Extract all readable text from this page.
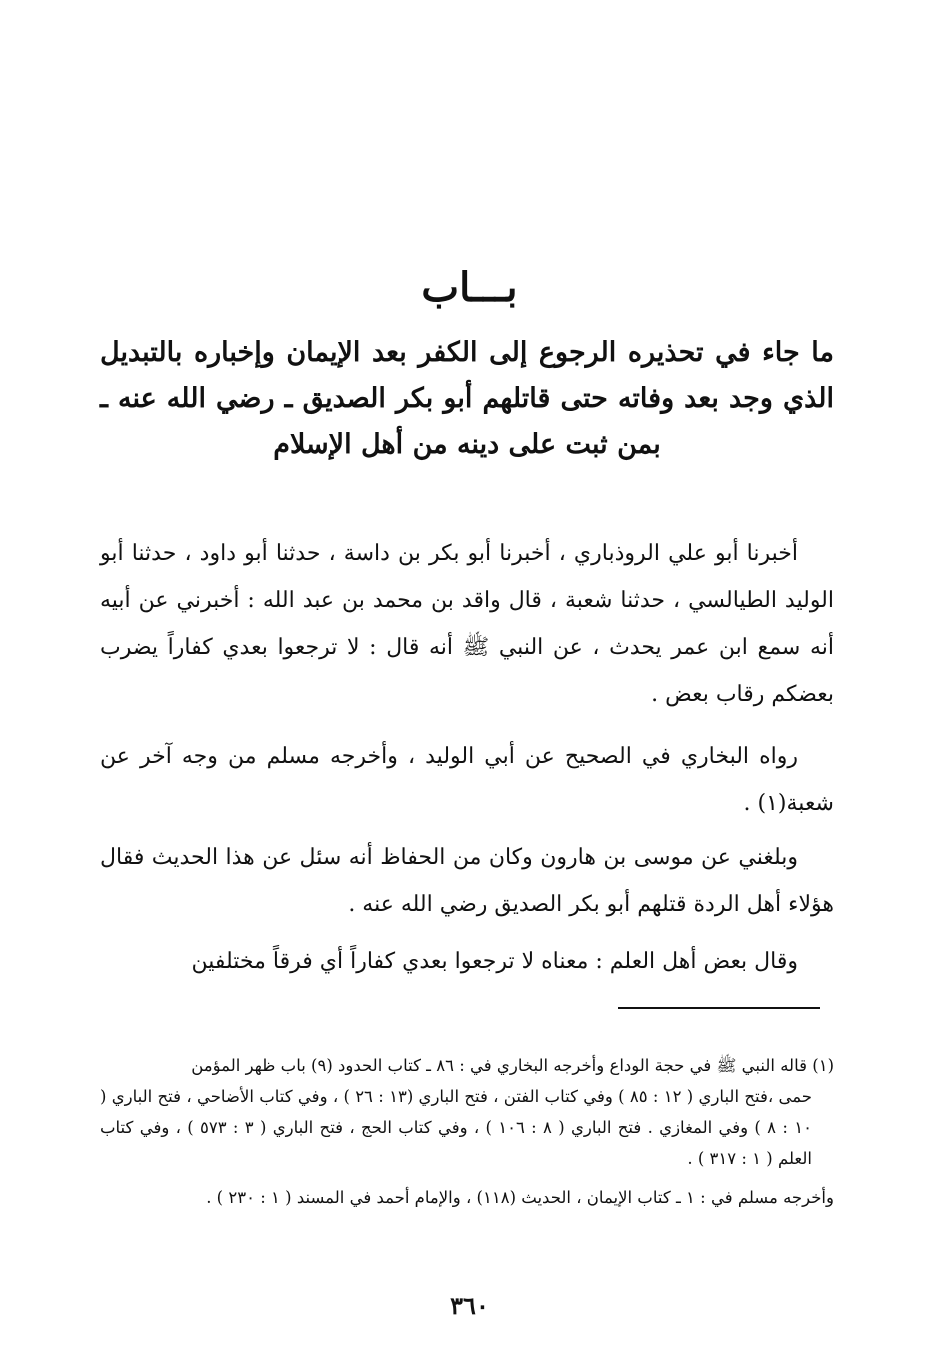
بـــاب
ما جاء في تحذيره الرجوع إلى الكفر بعد الإيمان وإخباره بالتبديل الذي وجد بعد وفاته حتى قاتلهم أبو بكر الصديق ـ رضي الله عنه ـ بمن ثبت على دينه من أهل الإسلام
أخبرنا أبو علي الروذباري ، أخبرنا أبو بكر بن داسة ، حدثنا أبو داود ، حدثنا أبو الوليد الطيالسي ، حدثنا شعبة ، قال واقد بن محمد بن عبد الله : أخبرني عن أبيه أنه سمع ابن عمر يحدث ، عن النبي ﷺ أنه قال : لا ترجعوا بعدي كفاراً يضرب بعضكم رقاب بعض .
رواه البخاري في الصحيح عن أبي الوليد ، وأخرجه مسلم من وجه آخر عن شعبة(١) .
وبلغني عن موسى بن هارون وكان من الحفاظ أنه سئل عن هذا الحديث فقال هؤلاء أهل الردة قتلهم أبو بكر الصديق رضي الله عنه .
وقال بعض أهل العلم : معناه لا ترجعوا بعدي كفاراً أي فرقاً مختلفين
(١) قاله النبي ﷺ في حجة الوداع وأخرجه البخاري في : ٨٦ ـ كتاب الحدود (٩) باب ظهر المؤمن
حمى ،فتح الباري ( ١٢ : ٨٥ ) وفي كتاب الفتن ، فتح الباري (١٣ : ٢٦ ) ، وفي كتاب الأضاحي ، فتح الباري ( ١٠ : ٨ ) وفي المغازي . فتح الباري ( ٨ : ١٠٦ ) ، وفي كتاب الحج ، فتح الباري ( ٣ : ٥٧٣ ) ، وفي كتاب العلم ( ١ : ٣١٧ ) .
وأخرجه مسلم في : ١ ـ كتاب الإيمان ، الحديث (١١٨) ، والإمام أحمد في المسند ( ١ : ٢٣٠ ) .
٣٦٠
